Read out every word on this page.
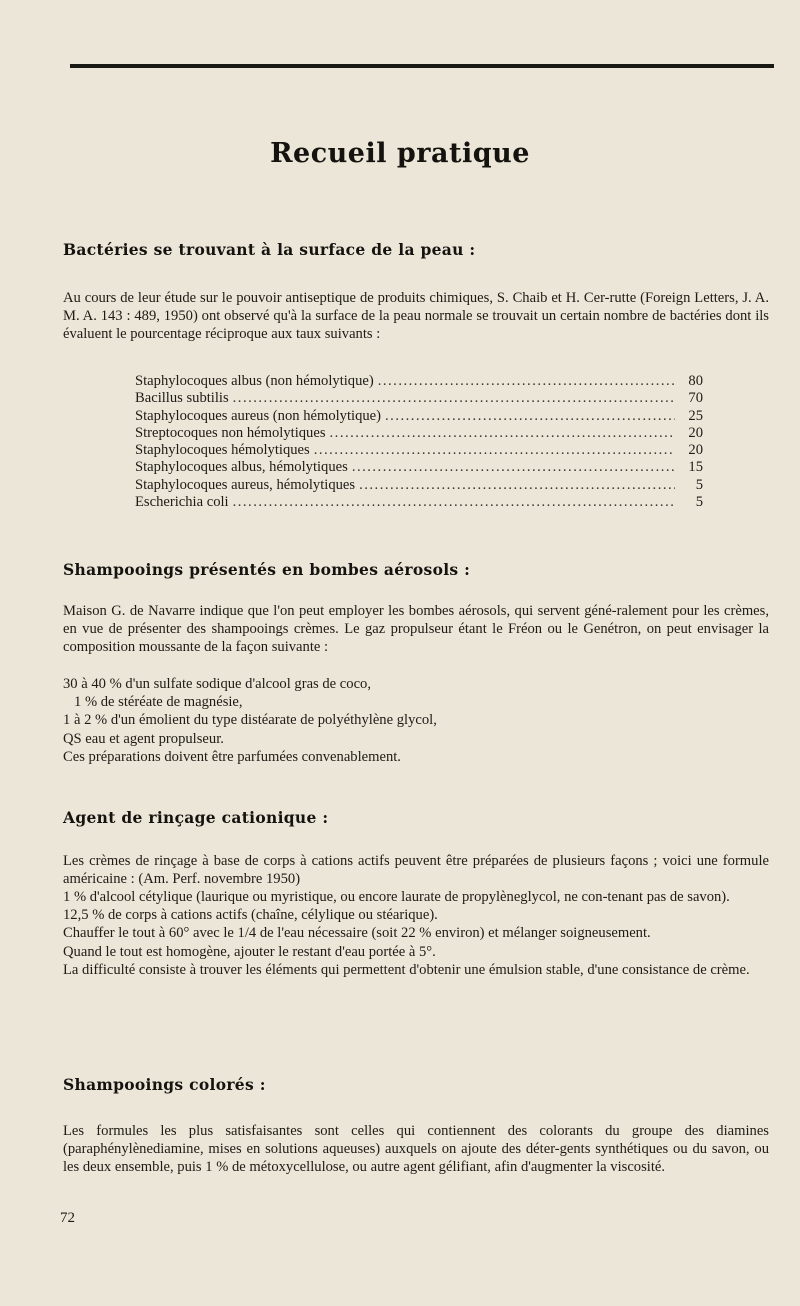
Recueil pratique
Bactéries se trouvant à la surface de la peau :

Au cours de leur étude sur le pouvoir antiseptique de produits chimiques, S. Chaib et H. Cer-rutte (Foreign Letters, J. A. M. A. 143 : 489, 1950) ont observé qu'à la surface de la peau normale se trouvait un certain nombre de bactéries dont ils évaluent le pourcentage réciproque aux taux suivants :

Staphylocoques albus (non hémolytique) .....	80
Bacillus subtilis .....	70
Staphylocoques aureus (non hémolytique) .....	25
Streptocoques non hémolytiques .....	20
Staphylocoques hémolytiques .....	20
Staphylocoques albus, hémolytiques .....	15
Staphylocoques aureus, hémolytiques .....	5
Escherichia coli .....	5
Shampooings présentés en bombes aérosols :

Maison G. de Navarre indique que l'on peut employer les bombes aérosols, qui servent géné-ralement pour les crèmes, en vue de présenter des shampooings crèmes. Le gaz propulseur étant le Fréon ou le Genétron, on peut envisager la composition moussante de la façon suivante :

30 à 40 % d'un sulfate sodique d'alcool gras de coco,
1 % de stéréate de magnésie,
1 à 2 % d'un émolient du type distéarate de polyéthylène glycol,
QS eau et agent propulseur.
Ces préparations doivent être parfumées convenablement.
Agent de rinçage cationique :

Les crèmes de rinçage à base de corps à cations actifs peuvent être préparées de plusieurs façons ; voici une formule américaine : (Am. Perf. novembre 1950)

1 % d'alcool cétylique (laurique ou myristique, ou encore laurate de propylèneglycol, ne con-tenant pas de savon).

12,5 % de corps à cations actifs (chaîne, célylique ou stéarique).

Chauffer le tout à 60° avec le 1/4 de l'eau nécessaire (soit 22 % environ) et mélanger soigneusement.

Quand le tout est homogène, ajouter le restant d'eau portée à 5°.

La difficulté consiste à trouver les éléments qui permettent d'obtenir une émulsion stable, d'une consistance de crème.

Shampooings colorés :

Les formules les plus satisfaisantes sont celles qui contiennent des colorants du groupe des diamines (paraphénylènediamine, mises en solutions aqueuses) auxquels on ajoute des déter-gents synthétiques ou du savon, ou les deux ensemble, puis 1 % de métoxycellulose, ou autre agent gélifiant, afin d'augmenter la viscosité.

72
